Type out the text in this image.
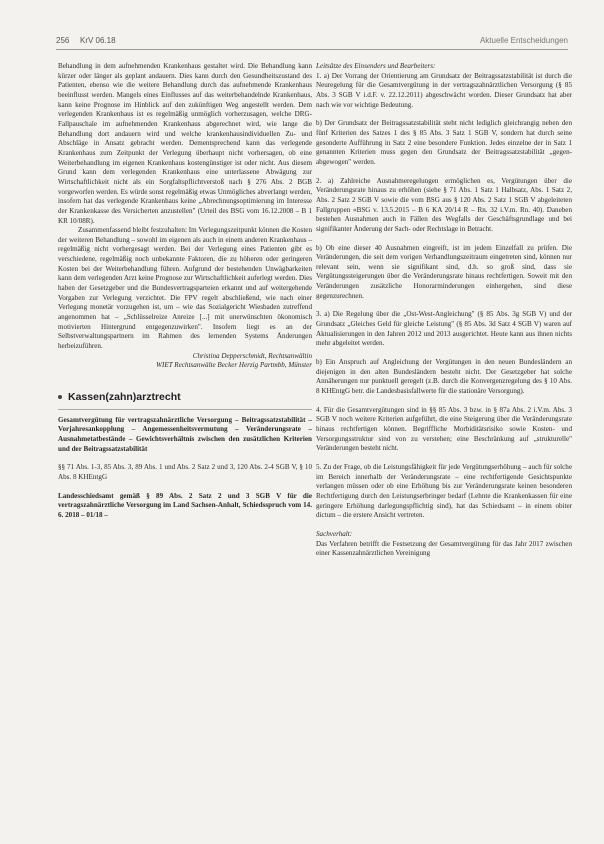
256 KrV 06.18	Aktuelle Entscheidungen

Behandlung in dem aufnehmenden Krankenhaus gestaltet wird. Die Behandlung kann kürzer oder länger als geplant andauern. Dies kann durch den Gesundheitszustand des Patienten, ebenso wie die weitere Behandlung durch das aufnehmende Krankenhaus beeinflusst werden. Mangels eines Einflusses auf das weiterbehandelnde Krankenhaus, kann keine Prognose im Hinblick auf den zukünftigen Weg angestellt werden. Dem verlegenden Krankenhaus ist es regelmäßig unmöglich vorherzusagen, welche DRG-Fallpauschale im aufnehmenden Krankenhaus abgerechnet wird, wie lange die Behandlung dort andauern wird und welche krankenhausindividuellen Zu- und Abschläge in Ansatz gebracht werden. Dementsprechend kann das verlegende Krankenhaus zum Zeitpunkt der Verlegung überhaupt nicht vorhersagen, ob eine Weiterbehandlung im eigenen Krankenhaus kostengünstiger ist oder nicht. Aus diesem Grund kann dem verlegenden Krankenhaus eine unterlassene Abwägung zur Wirtschaftlichkeit nicht als ein Sorgfaltspflichtverstoß nach § 276 Abs. 2 BGB vorgeworfen werden. Es würde sonst regelmäßig etwas Unmögliches abverlangt werden, insofern hat das verlegende Krankenhaus keine „Abrechnungsoptimierung im Interesse der Krankenkasse des Versicherten anzustellen" (Urteil des BSG vom 16.12.2008 – B 1 KR 10/08R).

Zusammenfassend bleibt festzuhalten: Im Verlegungszeitpunkt können die Kosten der weiteren Behandlung – sowohl im eigenen als auch in einem anderen Krankenhaus – regelmäßig nicht vorhergesagt werden. Bei der Verlegung eines Patienten gibt es verschiedene, regelmäßig noch unbekannte Faktoren, die zu höheren oder geringeren Kosten bei der Weiterbehandlung führen. Aufgrund der bestehenden Unwägbarkeiten kann dem verlegenden Arzt keine Prognose zur Wirtschaftlichkeit auferlegt werden. Dies haben der Gesetzgeber und die Bundesvertragsparteien erkannt und auf weitergehende Vorgaben zur Verlegung verzichtet. Die FPV regelt abschließend, wie nach einer Verlegung monetär vorzugehen ist, um – wie das Sozialgericht Wiesbaden zutreffend angenommen hat – „Schlüsselreize Anreize [...] mit unerwünschten ökonomisch motivierten Hintergrund entgegenzuwirken". Insofern liegt es an der Selbstverwaltungspartnern im Rahmen des lernenden Systems Änderungen herbeizuführen.

Christina Depperschmidt, Rechtsanwältin

WIET Rechtsanwälte Becker Herzig Partmbb, Münster

Kassen(zahn)arztrecht

Gesamtvergütung für vertragszahnärztliche Versorgung – Beitragssatzstabilität – Vorjahresankopplung – Angemessenheitsvermutung – Veränderungsrate – Ausnahmetatbestände – Gewichtsverhältnis zwischen den zusätzlichen Kriterien und der Beitragssatzstabilität

§§ 71 Abs. 1-3, 85 Abs. 3, 89 Abs. 1 und Abs. 2 Satz 2 und 3, 120 Abs. 2-4 SGB V, § 10 Abs. 8 KHEntgG

Landesschiedsamt gemäß § 89 Abs. 2 Satz 2 und 3 SGB V für die vertragszahnärztliche Versorgung im Land Sachsen-Anhalt, Schiedsspruch vom 14. 6. 2018 – 01/18 –

Leitsätze des Einsenders und Bearbeiters:

1. a) Der Vorrang der Orientierung am Grundsatz der Beitragssatzstabilität ist durch die Neuregelung für die Gesamtvergütung in der vertragszahnärztlichen Versorgung (§ 85 Abs. 3 SGB V i.d.F. v. 22.12.2011) abgeschwächt worden. Dieser Grundsatz hat aber nach wie vor wichtige Bedeutung.

b) Der Grundsatz der Beitragssatzstabilität steht nicht lediglich gleichrangig neben den fünf Kriterien des Satzes 1 des § 85 Abs. 3 Satz 1 SGB V, sondern hat durch seine gesonderte Aufführung in Satz 2 eine besondere Funktion. Jedes einzelne der in Satz 1 genannten Kriterien muss gegen den Grundsatz der Beitragssatzstabilität „gegen-abgewogen" werden.

2. a) Zahlreiche Ausnahmeregelungen ermöglichen es, Vergütungen über die Veränderungsrate hinaus zu erhöhen (siehe § 71 Abs. 1 Satz 1 Halbsatz, Abs. 1 Satz 2, Abs. 2 Satz 2 SGB V sowie die vom BSG aus § 120 Abs. 2 Satz 1 SGB V abgeleiteten Fallgruppen «BSG v. 13.5.2015 – B 6 KA 20/14 R – Rn. 32 i.V.m. Rn. 40). Daneben bestehen Ausnahmen auch in Fällen des Wegfalls der Geschäftsgrundlage und bei signifikanter Änderung der Sach- oder Rechtslage in Betracht.

b) Ob eine dieser 40 Ausnahmen eingreift, ist im jedem Einzelfall zu prüfen. Die Veränderungen, die seit dem vorigen Verhandlungszeitraum eingetreten sind, können nur relevant sein, wenn sie signifikant sind, d.h. so groß sind, dass sie Vergütungssteigerungen über die Veränderungsrate hinaus rechtfertigen. Soweit mit den Veränderungen zusätzliche Honorarminderungen einhergehen, sind diese gegenzurechnen.

3. a) Die Regelung über die „Ost-West-Angleichung" (§ 85 Abs. 3g SGB V) und der Grundsatz „Gleiches Geld für gleiche Leistung" (§ 85 Abs. 3d Satz 4 SGB V) waren auf Aktualisierungen in den Jahren 2012 und 2013 ausgerichtet. Heute kann aus ihnen nichts mehr abgeleitet werden.

b) Ein Anspruch auf Angleichung der Vergütungen in den neuen Bundesländern an diejenigen in den alten Bundesländern besteht nicht. Der Gesetzgeber hat solche Annäherungen nur punktuell geregelt (z.B. durch die Konvergenzregelung des § 10 Abs. 8 KHEntgG betr. die Landesbasisfallwerte für die stationäre Versorgung).

4. Für die Gesamtvergütungen sind in §§ 85 Abs. 3 bzw. in § 87a Abs. 2 i.V.m. Abs. 3 SGB V noch weitere Kriterien aufgeführt, die eine Steigerung über die Veränderungsrate hinaus rechtfertigen können. Begriffliche Morbiditätsrisiko sowie Kosten- und Versorgungsstruktur sind von zu verstehen; eine Beschränkung auf „strukturelle" Veränderungen besteht nicht.

5. Zu der Frage, ob die Leistungsfähigkeit für jede Vergütungserhöhung – auch für solche im Bereich innerhalb der Veränderungsrate – eine rechtfertigende Gesichtspunkte verlangen müssen oder ob eine Erhöhung bis zur Veränderungsrate keinen besonderen Rechtfertigung durch den Leistungserbringer bedarf (Lehnte die Krankenkassen für eine geringere Erhöhung darlegungspflichtig sind), hat das Schiedsamt – in einem obiter dictum – die erstere Ansicht vertreten.

Sachverhalt:

Das Verfahren betrifft die Festsetzung der Gesamtvergütung für das Jahr 2017 zwischen einer Kassenzahnärztlichen Vereinigung
